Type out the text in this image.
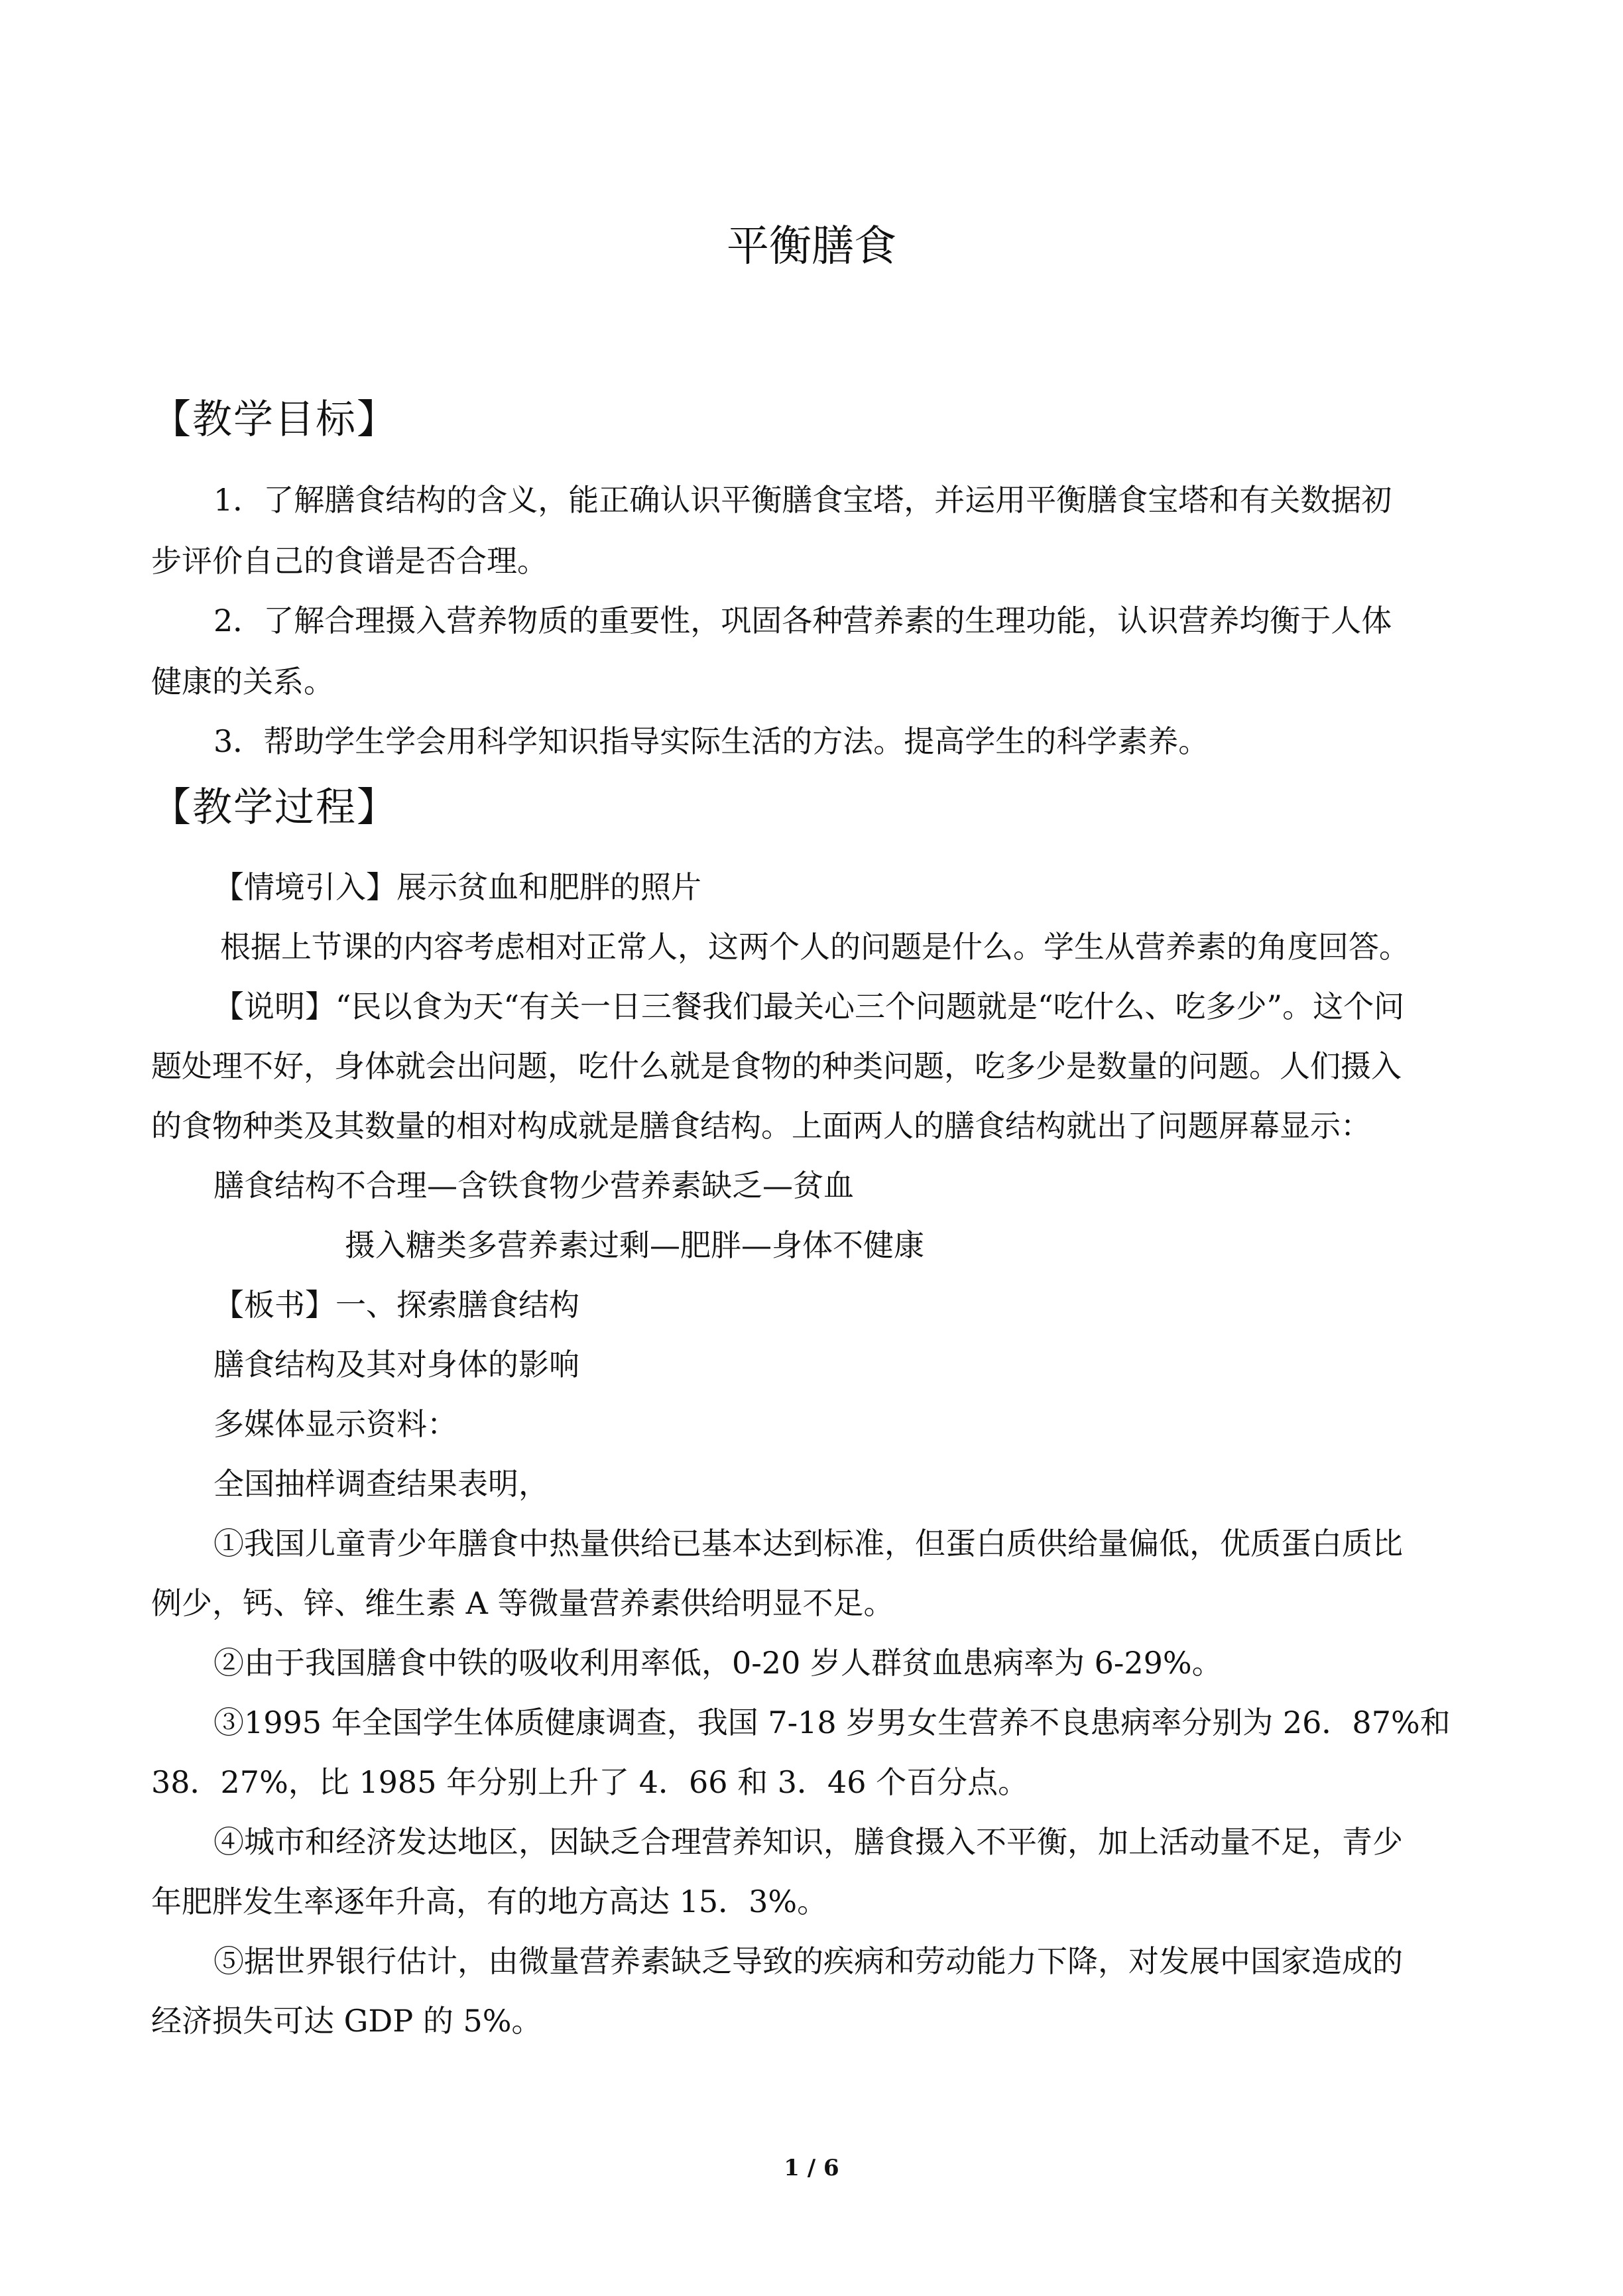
平衡膳食
【教学目标】
1．了解膳食结构的含义，能正确认识平衡膳食宝塔，并运用平衡膳食宝塔和有关数据初
步评价自己的食谱是否合理。
2．了解合理摄入营养物质的重要性，巩固各种营养素的生理功能，认识营养均衡于人体
健康的关系。
3．帮助学生学会用科学知识指导实际生活的方法。提高学生的科学素养。
【教学过程】
【情境引入】展示贫血和肥胖的照片
根据上节课的内容考虑相对正常人，这两个人的问题是什么。学生从营养素的角度回答。
【说明】“民以食为天“有关一日三餐我们最关心三个问题就是“吃什么、吃多少”。这个问
题处理不好，身体就会出问题，吃什么就是食物的种类问题，吃多少是数量的问题。人们摄入
的食物种类及其数量的相对构成就是膳食结构。上面两人的膳食结构就出了问题屏幕显示：
膳食结构不合理—含铁食物少营养素缺乏—贫血
摄入糖类多营养素过剩—肥胖—身体不健康
【板书】一、探索膳食结构
膳食结构及其对身体的影响
多媒体显示资料：
全国抽样调查结果表明，
①我国儿童青少年膳食中热量供给已基本达到标准，但蛋白质供给量偏低，优质蛋白质比
例少，钙、锌、维生素 A 等微量营养素供给明显不足。
②由于我国膳食中铁的吸收利用率低，0-20 岁人群贫血患病率为 6-29%。
③1995 年全国学生体质健康调查，我国 7-18 岁男女生营养不良患病率分别为 26．87%和
38．27%，比 1985 年分别上升了 4．66 和 3．46 个百分点。
④城市和经济发达地区，因缺乏合理营养知识，膳食摄入不平衡，加上活动量不足，青少
年肥胖发生率逐年升高，有的地方高达 15．3%。
⑤据世界银行估计，由微量营养素缺乏导致的疾病和劳动能力下降，对发展中国家造成的
经济损失可达 GDP 的 5%。
1 / 6
